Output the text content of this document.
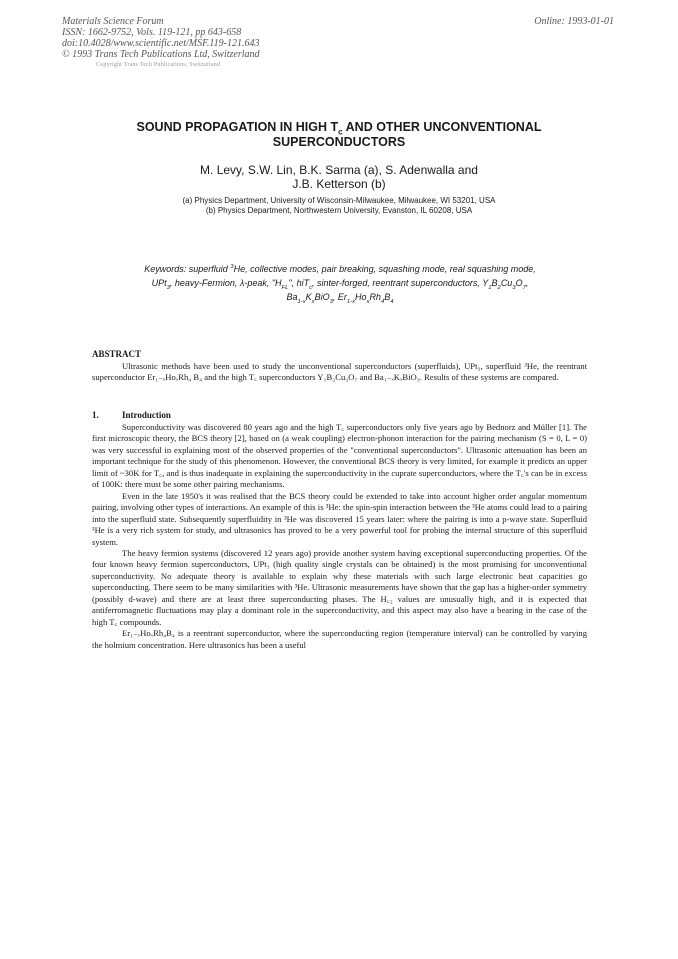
Materials Science Forum
ISSN: 1662-9752, Vols. 119-121, pp 643-658
doi:10.4028/www.scientific.net/MSF.119-121.643
© 1993 Trans Tech Publications Ltd, Switzerland
Online: 1993-01-01
Copyright Trans Tech Publications, Switzerland
SOUND PROPAGATION IN HIGH $T_c$ AND OTHER UNCONVENTIONAL
SUPERCONDUCTORS
M. Levy, S.W. Lin, B.K. Sarma (a), S. Adenwalla and
J.B. Ketterson (b)
(a) Physics Department, University of Wisconsin-Milwaukee, Milwaukee, WI 53201, USA
(b) Physics Department, Northwestern University, Evanston, IL 60208, USA
Keywords: superfluid $^3$He, collective modes, pair breaking, squashing mode, real squashing mode,
UPt$_3$, heavy-Fermion, λ-peak, "$H_{FL}$", hiT$_c$, sinter-forged, reentrant superconductors, $Y_1B_2Cu_3O_7$,
$Ba_{1-x}K_xBiO_3$, $Er_{1-x}Ho_xRh_4B_4$
ABSTRACT

Ultrasonic methods have been used to study the unconventional superconductors (superfluids), UPt₃, superfluid ³He, the reentrant superconductor Er₁₋ₓHoₓRh₄ B₄ and the high T꜀ superconductors Y₁B₂Cu₃O₇ and Ba₁₋ₓKₓBiO₃. Results of these systems are compared.

1.	Introduction

Superconductivity was discovered 80 years ago and the high T꜀ superconductors only five years ago by Bednorz and Müller [1]. The first microscopic theory, the BCS theory [2], based on (a weak coupling) electron-phonon interaction for the pairing mechanism (S = 0, L = 0) was very successful in explaining most of the observed properties of the "conventional superconductors". Ultrasonic attenuation has been an important technique for the study of this phenomenon. However, the conventional BCS theory is very limited, for example it predicts an upper limit of ~30K for T꜀, and is thus inadequate in explaining the superconductivity in the cuprate superconductors, where the T꜀'s can be in excess of 100K: there must be some other pairing mechanisms.

Even in the late 1950's it was realised that the BCS theory could be extended to take into account higher order angular momentum pairing, involving other types of interactions. An example of this is ³He: the spin-spin interaction between the ³He atoms could lead to a pairing into the superfluid state. Subsequently superfluidity in ³He was discovered 15 years later: where the pairing is into a p-wave state. Superfluid ³He is a very rich system for study, and ultrasonics has proved to be a very powerful tool for probing the internal structure of this superfluid system.

The heavy fermion systems (discovered 12 years ago) provide another system having exceptional superconducting properties. Of the four known heavy fermion superconductors, UPt₃ (high quality single crystals can be obtained) is the most promising for unconventional superconductivity. No adequate theory is available to explain why these materials with such large electronic heat capacities go superconducting. There seem to be many similarities with ³He. Ultrasonic measurements have shown that the gap has a higher-order symmetry (possibly d-wave) and there are at least three superconducting phases. The H꜀₂ values are unusually high, and it is expected that antiferromagnetic fluctuations may play a dominant role in the superconductivity, and this aspect may also have a bearing in the case of the high T꜀ compounds.

Er₁₋ₓHoₓRh₄B₄ is a reentrant superconductor, where the superconducting region (temperature interval) can be controlled by varying the holmium concentration. Here ultrasonics has been a useful
